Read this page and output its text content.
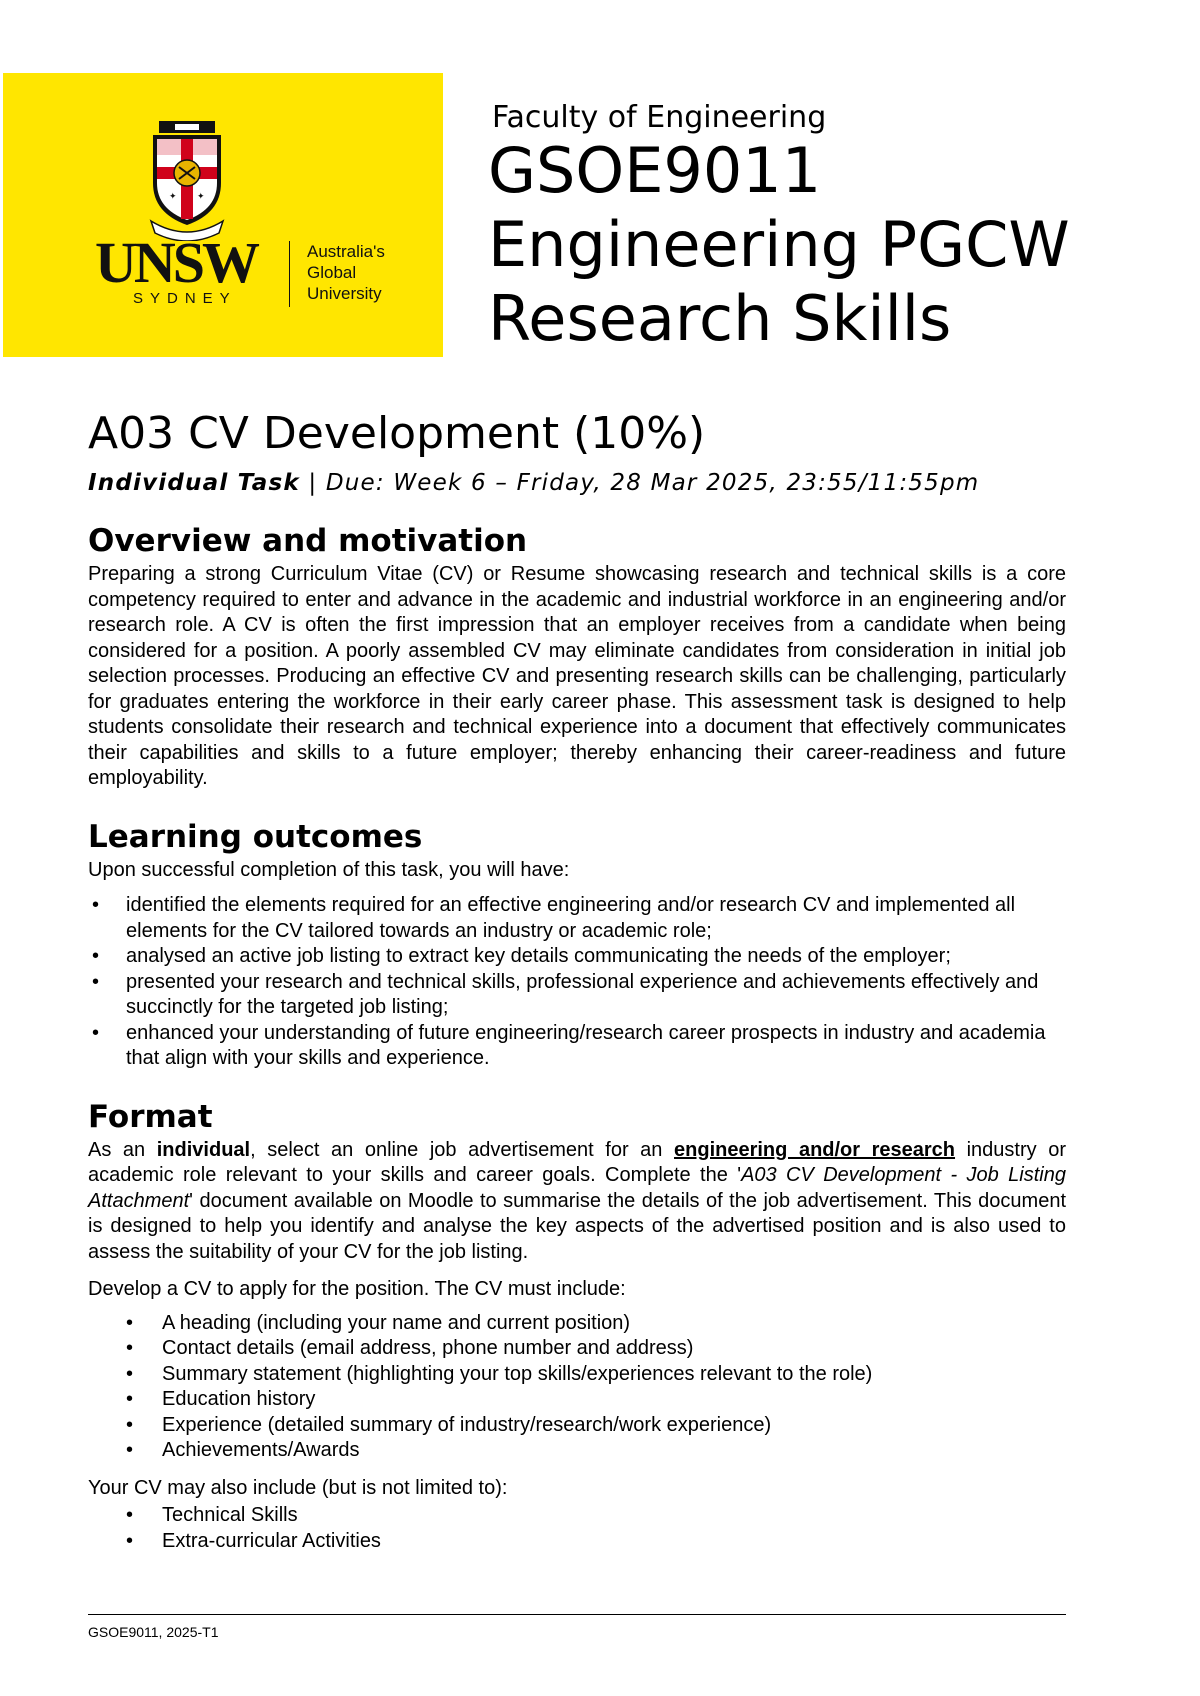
✦ ✦
UNSW
SYDNEY
Australia's
Global
University
Faculty of Engineering
GSOE9011
Engineering PGCW
Research Skills
A03 CV Development (10%)
Individual Task | Due: Week 6 – Friday, 28 Mar 2025, 23:55/11:55pm
Overview and motivation

Preparing a strong Curriculum Vitae (CV) or Resume showcasing research and technical skills is a core competency required to enter and advance in the academic and industrial workforce in an engineering and/or research role. A CV is often the first impression that an employer receives from a candidate when being considered for a position. A poorly assembled CV may eliminate candidates from consideration in initial job selection processes. Producing an effective CV and presenting research skills can be challenging, particularly for graduates entering the workforce in their early career phase. This assessment task is designed to help students consolidate their research and technical experience into a document that effectively communicates their capabilities and skills to a future employer; thereby enhancing their career-readiness and future employability.

Learning outcomes

Upon successful completion of this task, you will have:

• identified the elements required for an effective engineering and/or research CV and implemented all elements for the CV tailored towards an industry or academic role;
• analysed an active job listing to extract key details communicating the needs of the employer;
• presented your research and technical skills, professional experience and achievements effectively and succinctly for the targeted job listing;
• enhanced your understanding of future engineering/research career prospects in industry and academia that align with your skills and experience.
Format

As an individual, select an online job advertisement for an engineering and/or research industry or academic role relevant to your skills and career goals. Complete the 'A03 CV Development - Job Listing Attachment' document available on Moodle to summarise the details of the job advertisement. This document is designed to help you identify and analyse the key aspects of the advertised position and is also used to assess the suitability of your CV for the job listing.

Develop a CV to apply for the position. The CV must include:

• A heading (including your name and current position)
• Contact details (email address, phone number and address)
• Summary statement (highlighting your top skills/experiences relevant to the role)
• Education history
• Experience (detailed summary of industry/research/work experience)
• Achievements/Awards

Your CV may also include (but is not limited to):

• Technical Skills
• Extra-curricular Activities
GSOE9011, 2025-T1
